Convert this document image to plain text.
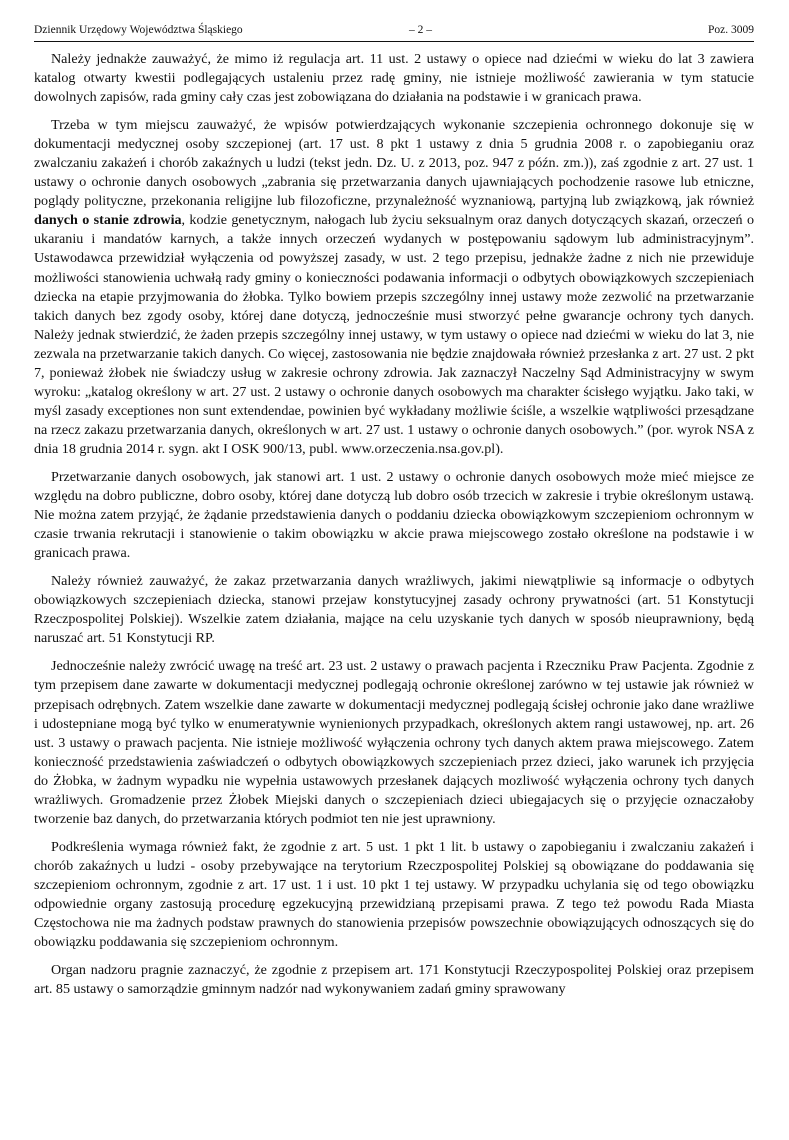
Dziennik Urzędowy Województwa Śląskiego	– 2 –	Poz. 3009

Należy jednakże zauważyć, że mimo iż regulacja art. 11 ust. 2 ustawy o opiece nad dziećmi w wieku do lat 3 zawiera katalog otwarty kwestii podlegających ustaleniu przez radę gminy, nie istnieje możliwość zawierania w tym statucie dowolnych zapisów, rada gminy cały czas jest zobowiązana do działania na podstawie i w granicach prawa.

Trzeba w tym miejscu zauważyć, że wpisów potwierdzających wykonanie szczepienia ochronnego dokonuje się w dokumentacji medycznej osoby szczepionej (art. 17 ust. 8 pkt 1 ustawy z dnia 5 grudnia 2008 r. o zapobieganiu oraz zwalczaniu zakażeń i chorób zakaźnych u ludzi (tekst jedn. Dz. U. z 2013, poz. 947 z późn. zm.)), zaś zgodnie z art. 27 ust. 1 ustawy o ochronie danych osobowych „zabrania się przetwarzania danych ujawniających pochodzenie rasowe lub etniczne, poglądy polityczne, przekonania religijne lub filozoficzne, przynależność wyznaniową, partyjną lub związkową, jak również danych o stanie zdrowia, kodzie genetycznym, nałogach lub życiu seksualnym oraz danych dotyczących skazań, orzeczeń o ukaraniu i mandatów karnych, a także innych orzeczeń wydanych w postępowaniu sądowym lub administracyjnym”. Ustawodawca przewidział wyłączenia od powyższej zasady, w ust. 2 tego przepisu, jednakże żadne z nich nie przewiduje możliwości stanowienia uchwałą rady gminy o konieczności podawania informacji o odbytych obowiązkowych szczepieniach dziecka na etapie przyjmowania do żłobka. Tylko bowiem przepis szczególny innej ustawy może zezwolić na przetwarzanie takich danych bez zgody osoby, której dane dotyczą, jednocześnie musi stworzyć pełne gwarancje ochrony tych danych. Należy jednak stwierdzić, że żaden przepis szczególny innej ustawy, w tym ustawy o opiece nad dziećmi w wieku do lat 3, nie zezwala na przetwarzanie takich danych. Co więcej, zastosowania nie będzie znajdowała również przesłanka z art. 27 ust. 2 pkt 7, ponieważ żłobek nie świadczy usług w zakresie ochrony zdrowia. Jak zaznaczył Naczelny Sąd Administracyjny w swym wyroku: „katalog określony w art. 27 ust. 2 ustawy o ochronie danych osobowych ma charakter ścisłego wyjątku. Jako taki, w myśl zasady exceptiones non sunt extendendae, powinien być wykładany możliwie ściśle, a wszelkie wątpliwości przesądzane na rzecz zakazu przetwarzania danych, określonych w art. 27 ust. 1 ustawy o ochronie danych osobowych.” (por. wyrok NSA z dnia 18 grudnia 2014 r. sygn. akt I OSK 900/13, publ. www.orzeczenia.nsa.gov.pl).

Przetwarzanie danych osobowych, jak stanowi art. 1 ust. 2 ustawy o ochronie danych osobowych może mieć miejsce ze względu na dobro publiczne, dobro osoby, której dane dotyczą lub dobro osób trzecich w zakresie i trybie określonym ustawą. Nie można zatem przyjąć, że żądanie przedstawienia danych o poddaniu dziecka obowiązkowym szczepieniom ochronnym w czasie trwania rekrutacji i stanowienie o takim obowiązku w akcie prawa miejscowego zostało określone na podstawie i w granicach prawa.

Należy również zauważyć, że zakaz przetwarzania danych wrażliwych, jakimi niewątpliwie są informacje o odbytych obowiązkowych szczepieniach dziecka, stanowi przejaw konstytucyjnej zasady ochrony prywatności (art. 51 Konstytucji Rzeczpospolitej Polskiej). Wszelkie zatem działania, mające na celu uzyskanie tych danych w sposób nieuprawniony, będą naruszać art. 51 Konstytucji RP.

Jednocześnie należy zwrócić uwagę na treść art. 23 ust. 2 ustawy o prawach pacjenta i Rzeczniku Praw Pacjenta. Zgodnie z tym przepisem dane zawarte w dokumentacji medycznej podlegają ochronie określonej zarówno w tej ustawie jak również w przepisach odrębnych. Zatem wszelkie dane zawarte w dokumentacji medycznej podlegają ścisłej ochronie jako dane wrażliwe i udostepniane mogą być tylko w enumeratywnie wynienionych przypadkach, określonych aktem rangi ustawowej, np. art. 26 ust. 3 ustawy o prawach pacjenta. Nie istnieje możliwość wyłączenia ochrony tych danych aktem prawa miejscowego. Zatem konieczność przedstawienia zaświadczeń o odbytych obowiązkowych szczepieniach przez dzieci, jako warunek ich przyjęcia do Żłobka, w żadnym wypadku nie wypełnia ustawowych przesłanek dających mozliwość wyłączenia ochrony tych danych wrażliwych. Gromadzenie przez Żłobek Miejski danych o szczepieniach dzieci ubiegajacych się o przyjęcie oznaczałoby tworzenie baz danych, do przetwarzania których podmiot ten nie jest uprawniony.

Podkreślenia wymaga również fakt, że zgodnie z art. 5 ust. 1 pkt 1 lit. b ustawy o zapobieganiu i zwalczaniu zakażeń i chorób zakaźnych u ludzi - osoby przebywające na terytorium Rzeczpospolitej Polskiej są obowiązane do poddawania się szczepieniom ochronnym, zgodnie z art. 17 ust. 1 i ust. 10 pkt 1 tej ustawy. W przypadku uchylania się od tego obowiązku odpowiednie organy zastosują procedurę egzekucyjną przewidzianą przepisami prawa. Z tego też powodu Rada Miasta Częstochowa nie ma żadnych podstaw prawnych do stanowienia przepisów powszechnie obowiązujących odnoszących się do obowiązku poddawania się szczepieniom ochronnym.

Organ nadzoru pragnie zaznaczyć, że zgodnie z przepisem art. 171 Konstytucji Rzeczypospolitej Polskiej oraz przepisem art. 85 ustawy o samorządzie gminnym nadzór nad wykonywaniem zadań gminy sprawowany
